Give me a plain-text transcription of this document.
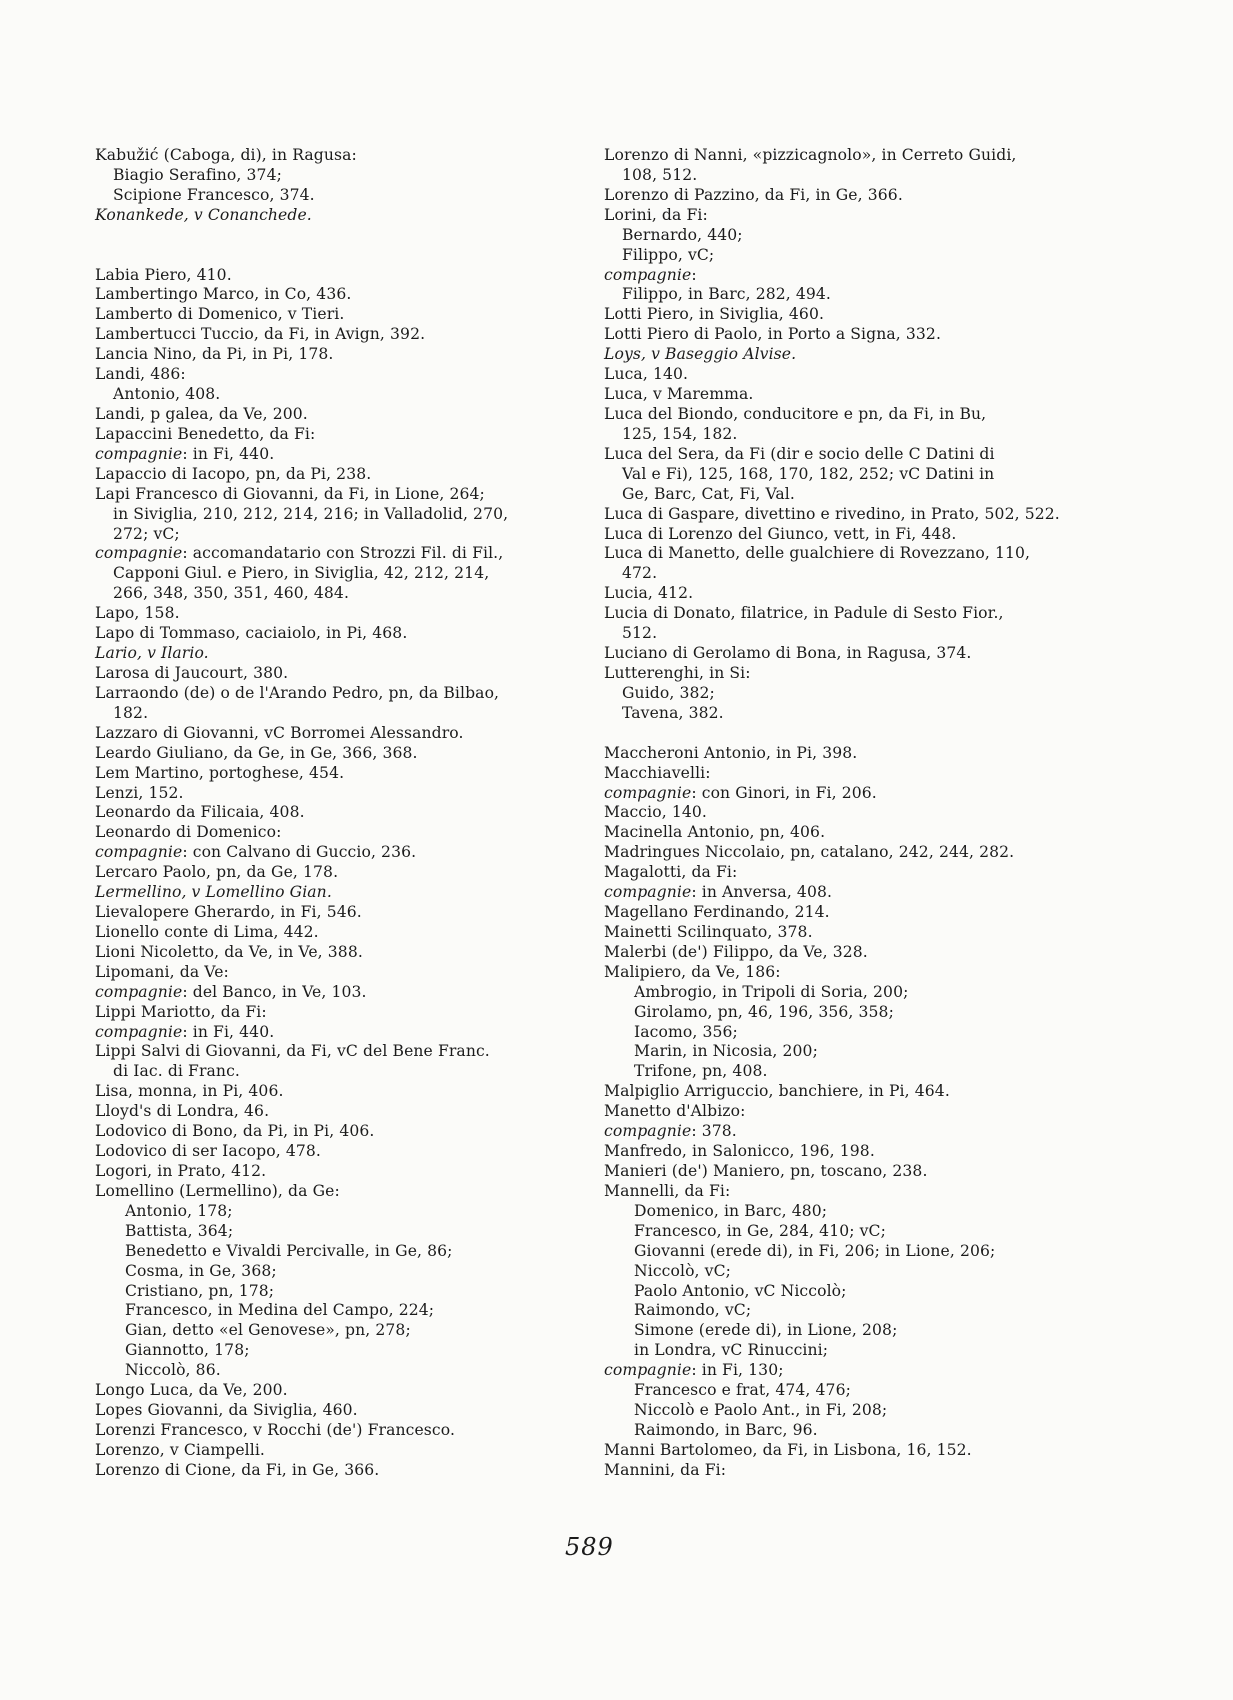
Kabužić (Caboga, di), in Ragusa:
Biagio Serafino, 374;
Scipione Francesco, 374.
Konankede, v Conanchede.
Labia Piero, 410.
Lambertingo Marco, in Co, 436.
Lamberto di Domenico, v Tieri.
Lambertucci Tuccio, da Fi, in Avign, 392.
Lancia Nino, da Pi, in Pi, 178.
Landi, 486:
Antonio, 408.
Landi, p galea, da Ve, 200.
Lapaccini Benedetto, da Fi:
compagnie: in Fi, 440.
Lapaccio di Iacopo, pn, da Pi, 238.
Lapi Francesco di Giovanni, da Fi, in Lione, 264;
in Siviglia, 210, 212, 214, 216; in Valladolid, 270,
272; vC;
compagnie: accomandatario con Strozzi Fil. di Fil.,
Capponi Giul. e Piero, in Siviglia, 42, 212, 214,
266, 348, 350, 351, 460, 484.
Lapo, 158.
Lapo di Tommaso, caciaiolo, in Pi, 468.
Lario, v Ilario.
Larosa di Jaucourt, 380.
Larraondo (de) o de l'Arando Pedro, pn, da Bilbao,
182.
Lazzaro di Giovanni, vC Borromei Alessandro.
Leardo Giuliano, da Ge, in Ge, 366, 368.
Lem Martino, portoghese, 454.
Lenzi, 152.
Leonardo da Filicaia, 408.
Leonardo di Domenico:
compagnie: con Calvano di Guccio, 236.
Lercaro Paolo, pn, da Ge, 178.
Lermellino, v Lomellino Gian.
Lievalopere Gherardo, in Fi, 546.
Lionello conte di Lima, 442.
Lioni Nicoletto, da Ve, in Ve, 388.
Lipomani, da Ve:
compagnie: del Banco, in Ve, 103.
Lippi Mariotto, da Fi:
compagnie: in Fi, 440.
Lippi Salvi di Giovanni, da Fi, vC del Bene Franc.
di Iac. di Franc.
Lisa, monna, in Pi, 406.
Lloyd's di Londra, 46.
Lodovico di Bono, da Pi, in Pi, 406.
Lodovico di ser Iacopo, 478.
Logori, in Prato, 412.
Lomellino (Lermellino), da Ge:
Antonio, 178;
Battista, 364;
Benedetto e Vivaldi Percivalle, in Ge, 86;
Cosma, in Ge, 368;
Cristiano, pn, 178;
Francesco, in Medina del Campo, 224;
Gian, detto «el Genovese», pn, 278;
Giannotto, 178;
Niccolò, 86.
Longo Luca, da Ve, 200.
Lopes Giovanni, da Siviglia, 460.
Lorenzi Francesco, v Rocchi (de') Francesco.
Lorenzo, v Ciampelli.
Lorenzo di Cione, da Fi, in Ge, 366.
Lorenzo di Nanni, «pizzicagnolo», in Cerreto Guidi,
108, 512.
Lorenzo di Pazzino, da Fi, in Ge, 366.
Lorini, da Fi:
Bernardo, 440;
Filippo, vC;
compagnie:
Filippo, in Barc, 282, 494.
Lotti Piero, in Siviglia, 460.
Lotti Piero di Paolo, in Porto a Signa, 332.
Loys, v Baseggio Alvise.
Luca, 140.
Luca, v Maremma.
Luca del Biondo, conducitore e pn, da Fi, in Bu,
125, 154, 182.
Luca del Sera, da Fi (dir e socio delle C Datini di
Val e Fi), 125, 168, 170, 182, 252; vC Datini in
Ge, Barc, Cat, Fi, Val.
Luca di Gaspare, divettino e rivedino, in Prato, 502, 522.
Luca di Lorenzo del Giunco, vett, in Fi, 448.
Luca di Manetto, delle gualchiere di Rovezzano, 110,
472.
Lucia, 412.
Lucia di Donato, filatrice, in Padule di Sesto Fior.,
512.
Luciano di Gerolamo di Bona, in Ragusa, 374.
Lutterenghi, in Si:
Guido, 382;
Tavena, 382.
Maccheroni Antonio, in Pi, 398.
Macchiavelli:
compagnie: con Ginori, in Fi, 206.
Maccio, 140.
Macinella Antonio, pn, 406.
Madringues Niccolaio, pn, catalano, 242, 244, 282.
Magalotti, da Fi:
compagnie: in Anversa, 408.
Magellano Ferdinando, 214.
Mainetti Scilinquato, 378.
Malerbi (de') Filippo, da Ve, 328.
Malipiero, da Ve, 186:
Ambrogio, in Tripoli di Soria, 200;
Girolamo, pn, 46, 196, 356, 358;
Iacomo, 356;
Marin, in Nicosia, 200;
Trifone, pn, 408.
Malpiglio Arriguccio, banchiere, in Pi, 464.
Manetto d'Albizo:
compagnie: 378.
Manfredo, in Salonicco, 196, 198.
Manieri (de') Maniero, pn, toscano, 238.
Mannelli, da Fi:
Domenico, in Barc, 480;
Francesco, in Ge, 284, 410; vC;
Giovanni (erede di), in Fi, 206; in Lione, 206;
Niccolò, vC;
Paolo Antonio, vC Niccolò;
Raimondo, vC;
Simone (erede di), in Lione, 208;
in Londra, vC Rinuccini;
compagnie: in Fi, 130;
Francesco e frat, 474, 476;
Niccolò e Paolo Ant., in Fi, 208;
Raimondo, in Barc, 96.
Manni Bartolomeo, da Fi, in Lisbona, 16, 152.
Mannini, da Fi:
589
